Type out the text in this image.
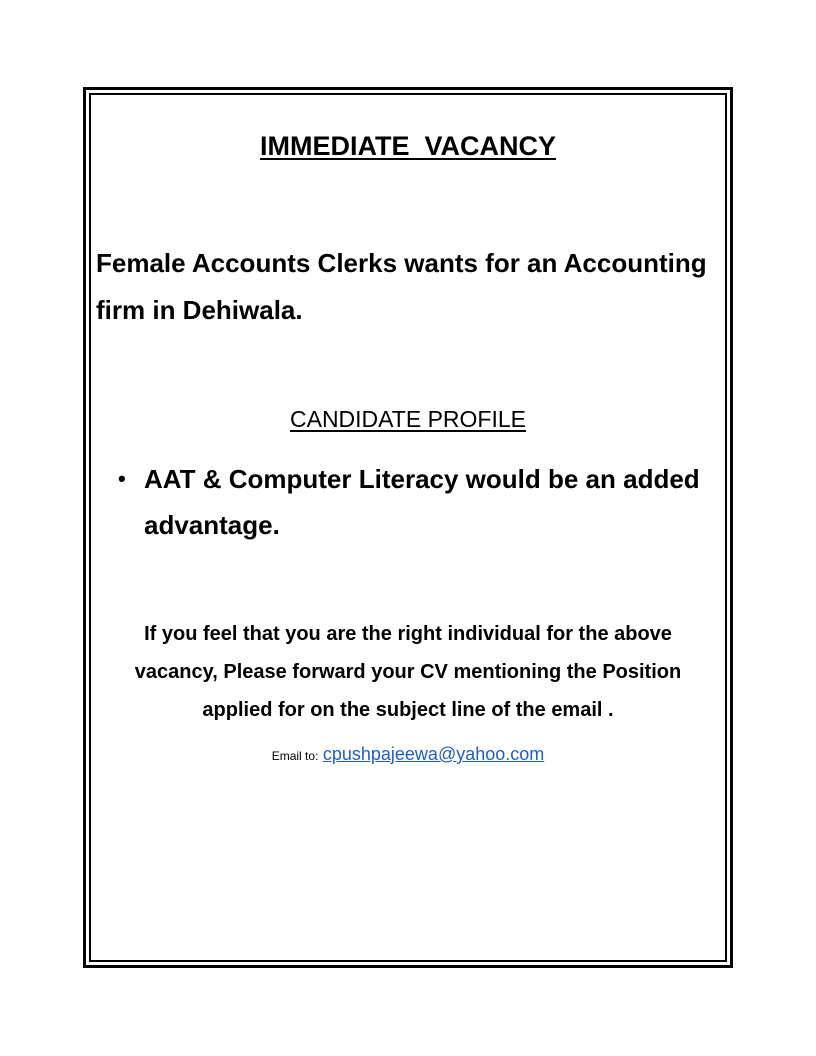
IMMEDIATE  VACANCY
Female Accounts Clerks wants for an Accounting firm in Dehiwala.
CANDIDATE PROFILE
• AAT & Computer Literacy would be an added advantage.
If you feel that you are the right individual for the above vacancy, Please forward your CV mentioning the Position applied for on the subject line of the email .
Email to: cpushpajeewa@yahoo.com
